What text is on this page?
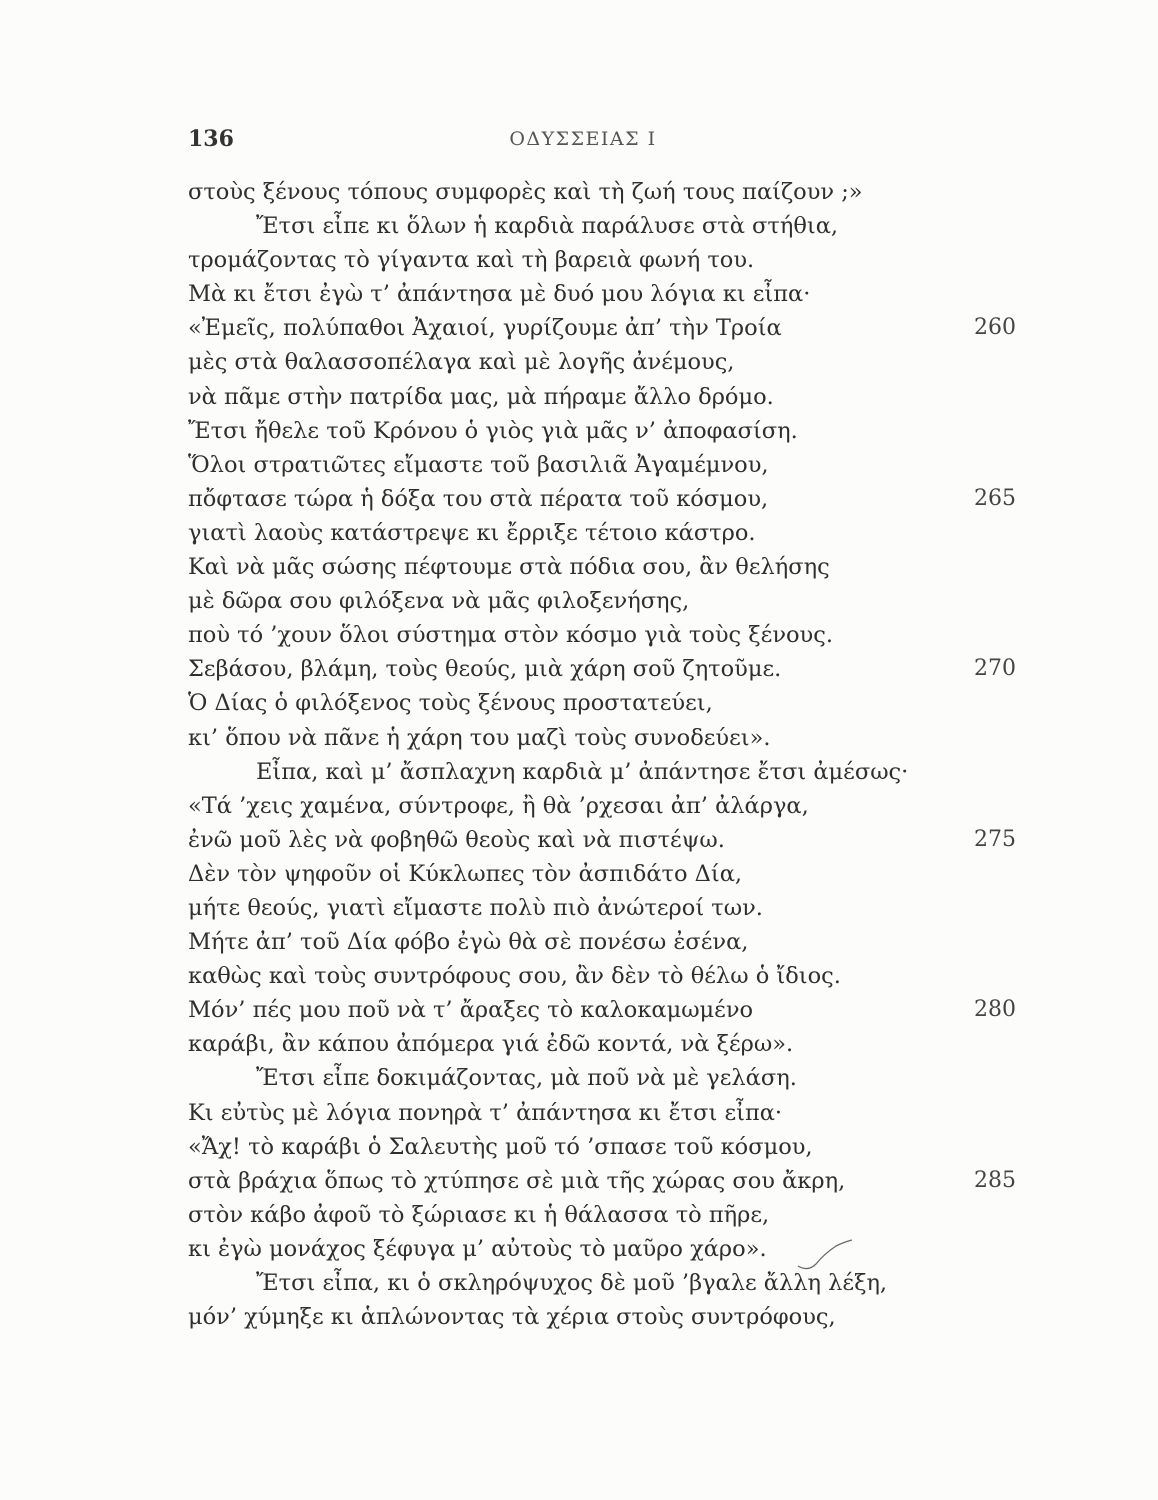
136	ΟΔΥΣΣΕΙΑΣ Ι
στοὺς ξένους τόπους συμφορὲς καὶ τὴ ζωή τους παίζουν ;»
Ἔτσι εἶπε κι ὅλων ἡ καρδιὰ παράλυσε στὰ στήθια,
τρομάζοντας τὸ γίγαντα καὶ τὴ βαρειὰ φωνή του.
Μὰ κι ἔτσι ἐγὼ τ’ ἀπάντησα μὲ δυό μου λόγια κι εἶπα·
«Ἐμεῖς, πολύπαθοι Ἀχαιοί, γυρίζουμε ἀπ’ τὴν Τροία	260
μὲς στὰ θαλασσοπέλαγα καὶ μὲ λογῆς ἀνέμους,
νὰ πᾶμε στὴν πατρίδα μας, μὰ πήραμε ἄλλο δρόμο.
Ἔτσι ἤθελε τοῦ Κρόνου ὁ γιὸς γιὰ μᾶς ν’ ἀποφασίση.
Ὅλοι στρατιῶτες εἴμαστε τοῦ βασιλιᾶ Ἀγαμέμνου,
πὄφτασε τώρα ἡ δόξα του στὰ πέρατα τοῦ κόσμου,	265
γιατὶ λαοὺς κατάστρεψε κι ἔρριξε τέτοιο κάστρο.
Καὶ νὰ μᾶς σώσης πέφτουμε στὰ πόδια σου, ἂν θελήσης
μὲ δῶρα σου φιλόξενα νὰ μᾶς φιλοξενήσης,
ποὺ τό ’χουν ὅλοι σύστημα στὸν κόσμο γιὰ τοὺς ξένους.
Σεβάσου, βλάμη, τοὺς θεούς, μιὰ χάρη σοῦ ζητοῦμε.	270
Ὁ Δίας ὁ φιλόξενος τοὺς ξένους προστατεύει,
κι’ ὅπου νὰ πᾶνε ἡ χάρη του μαζὶ τοὺς συνοδεύει».
Εἶπα, καὶ μ’ ἄσπλαχνη καρδιὰ μ’ ἀπάντησε ἔτσι ἀμέσως·
«Τά ’χεις χαμένα, σύντροφε, ἢ θὰ ’ρχεσαι ἀπ’ ἀλάργα,
ἐνῶ μοῦ λὲς νὰ φοβηθῶ θεοὺς καὶ νὰ πιστέψω.	275
Δὲν τὸν ψηφοῦν οἱ Κύκλωπες τὸν ἀσπιδάτο Δία,
μήτε θεούς, γιατὶ εἴμαστε πολὺ πιὸ ἀνώτεροί των.
Μήτε ἀπ’ τοῦ Δία φόβο ἐγὼ θὰ σὲ πονέσω ἐσένα,
καθὼς καὶ τοὺς συντρόφους σου, ἂν δὲν τὸ θέλω ὁ ἴδιος.
Μόν’ πές μου ποῦ νὰ τ’ ἄραξες τὸ καλοκαμωμένο	280
καράβι, ἂν κάπου ἀπόμερα γιά ἐδῶ κοντά, νὰ ξέρω».
Ἔτσι εἶπε δοκιμάζοντας, μὰ ποῦ νὰ μὲ γελάση.
Κι εὐτὺς μὲ λόγια πονηρὰ τ’ ἀπάντησα κι ἔτσι εἶπα·
«Ἄχ! τὸ καράβι ὁ Σαλευτὴς μοῦ τό ’σπασε τοῦ κόσμου,
στὰ βράχια ὅπως τὸ χτύπησε σὲ μιὰ τῆς χώρας σου ἄκρη,	285
στὸν κάβο ἀφοῦ τὸ ξώριασε κι ἡ θάλασσα τὸ πῆρε,
κι ἐγὼ μονάχος ξέφυγα μ’ αὐτοὺς τὸ μαῦρο χάρο».
Ἔτσι εἶπα, κι ὁ σκληρόψυχος δὲ μοῦ ’βγαλε ἄλλη λέξη,
μόν’ χύμηξε κι ἁπλώνοντας τὰ χέρια στοὺς συντρόφους,
